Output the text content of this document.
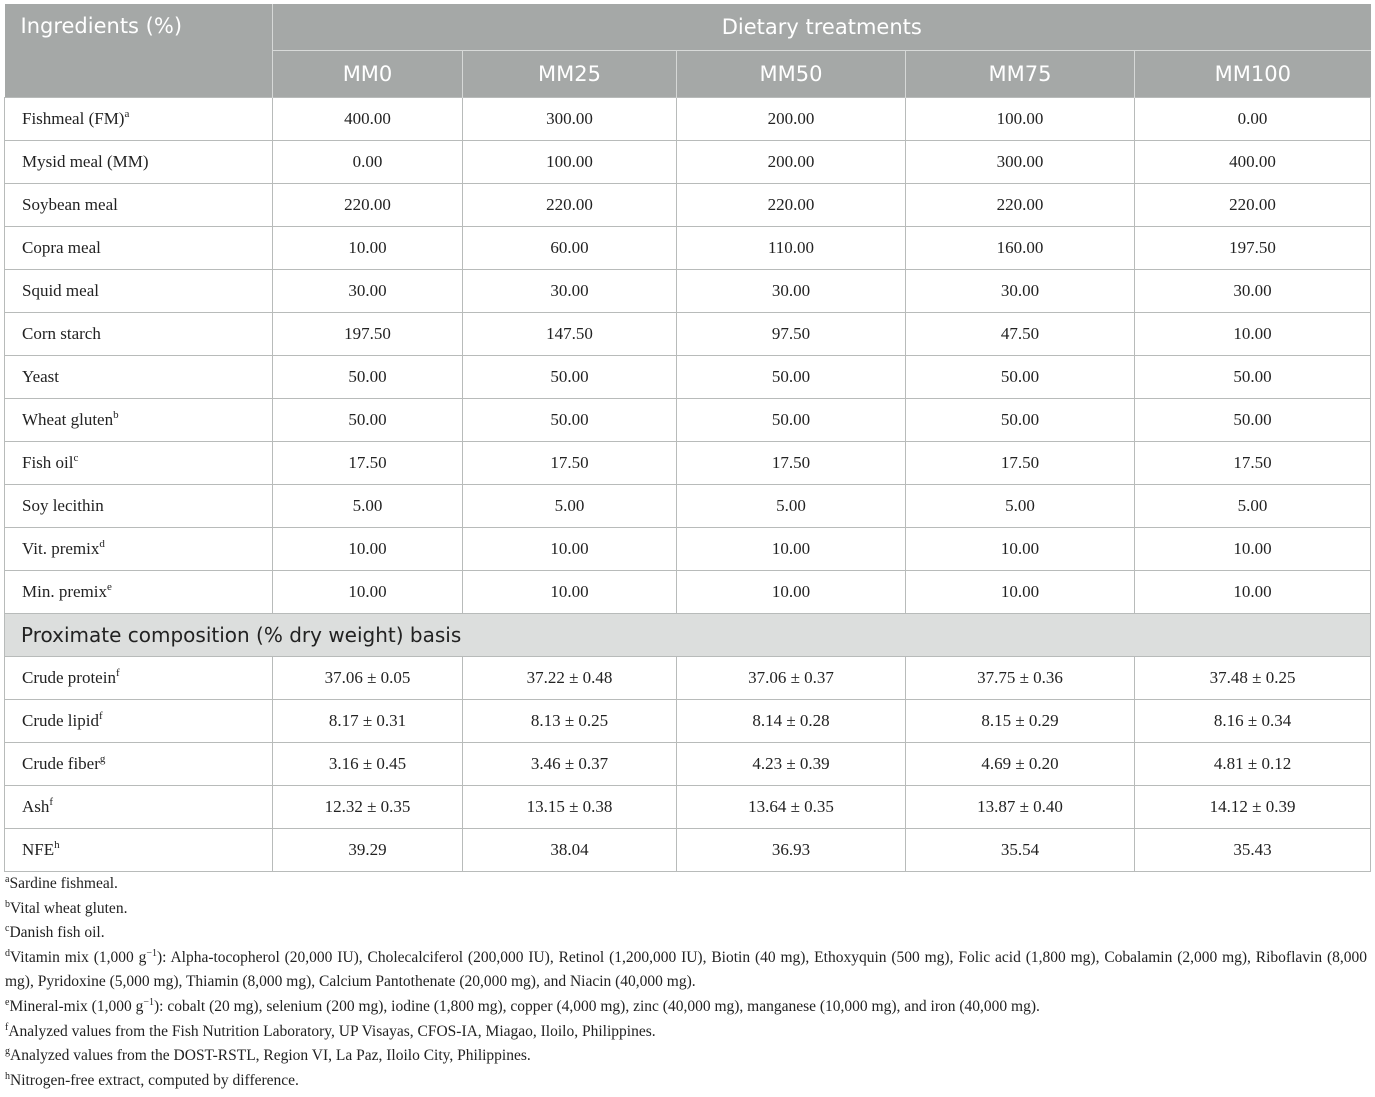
Ingredients (%)	Dietary treatments				
	MM0	MM25	MM50	MM75	MM100
Fishmeal (FM)$^a$	400.00	300.00	200.00	100.00	0.00
Mysid meal (MM)	0.00	100.00	200.00	300.00	400.00
Soybean meal	220.00	220.00	220.00	220.00	220.00
Copra meal	10.00	60.00	110.00	160.00	197.50
Squid meal	30.00	30.00	30.00	30.00	30.00
Corn starch	197.50	147.50	97.50	47.50	10.00
Yeast	50.00	50.00	50.00	50.00	50.00
Wheat gluten$^b$	50.00	50.00	50.00	50.00	50.00
Fish oil$^c$	17.50	17.50	17.50	17.50	17.50
Soy lecithin	5.00	5.00	5.00	5.00	5.00
Vit. premix$^d$	10.00	10.00	10.00	10.00	10.00
Min. premix$^e$	10.00	10.00	10.00	10.00	10.00
Proximate composition (% dry weight) basis					
Crude protein$^f$	37.06 ± 0.05	37.22 ± 0.48	37.06 ± 0.37	37.75 ± 0.36	37.48 ± 0.25
Crude lipid$^f$	8.17 ± 0.31	8.13 ± 0.25	8.14 ± 0.28	8.15 ± 0.29	8.16 ± 0.34
Crude fiber$^g$	3.16 ± 0.45	3.46 ± 0.37	4.23 ± 0.39	4.69 ± 0.20	4.81 ± 0.12
Ash$^f$	12.32 ± 0.35	13.15 ± 0.38	13.64 ± 0.35	13.87 ± 0.40	14.12 ± 0.39
NFE$^h$	39.29	38.04	36.93	35.54	35.43

$^a$Sardine fishmeal.

$^b$Vital wheat gluten.

$^c$Danish fish oil.

$^d$Vitamin mix (1,000 $g^{-1}$): Alpha-tocopherol (20,000 IU), Cholecalciferol (200,000 IU), Retinol (1,200,000 IU), Biotin (40 mg), Ethoxyquin (500 mg), Folic acid (1,800 mg), Cobalamin (2,000 mg), Riboflavin (8,000 mg), Pyridoxine (5,000 mg), Thiamin (8,000 mg), Calcium Pantothenate (20,000 mg), and Niacin (40,000 mg).

$^e$Mineral-mix (1,000 $g^{-1}$): cobalt (20 mg), selenium (200 mg), iodine (1,800 mg), copper (4,000 mg), zinc (40,000 mg), manganese (10,000 mg), and iron (40,000 mg).

$^f$Analyzed values from the Fish Nutrition Laboratory, UP Visayas, CFOS-IA, Miagao, Iloilo, Philippines.

$^g$Analyzed values from the DOST-RSTL, Region VI, La Paz, Iloilo City, Philippines.

$^h$Nitrogen-free extract, computed by difference.
